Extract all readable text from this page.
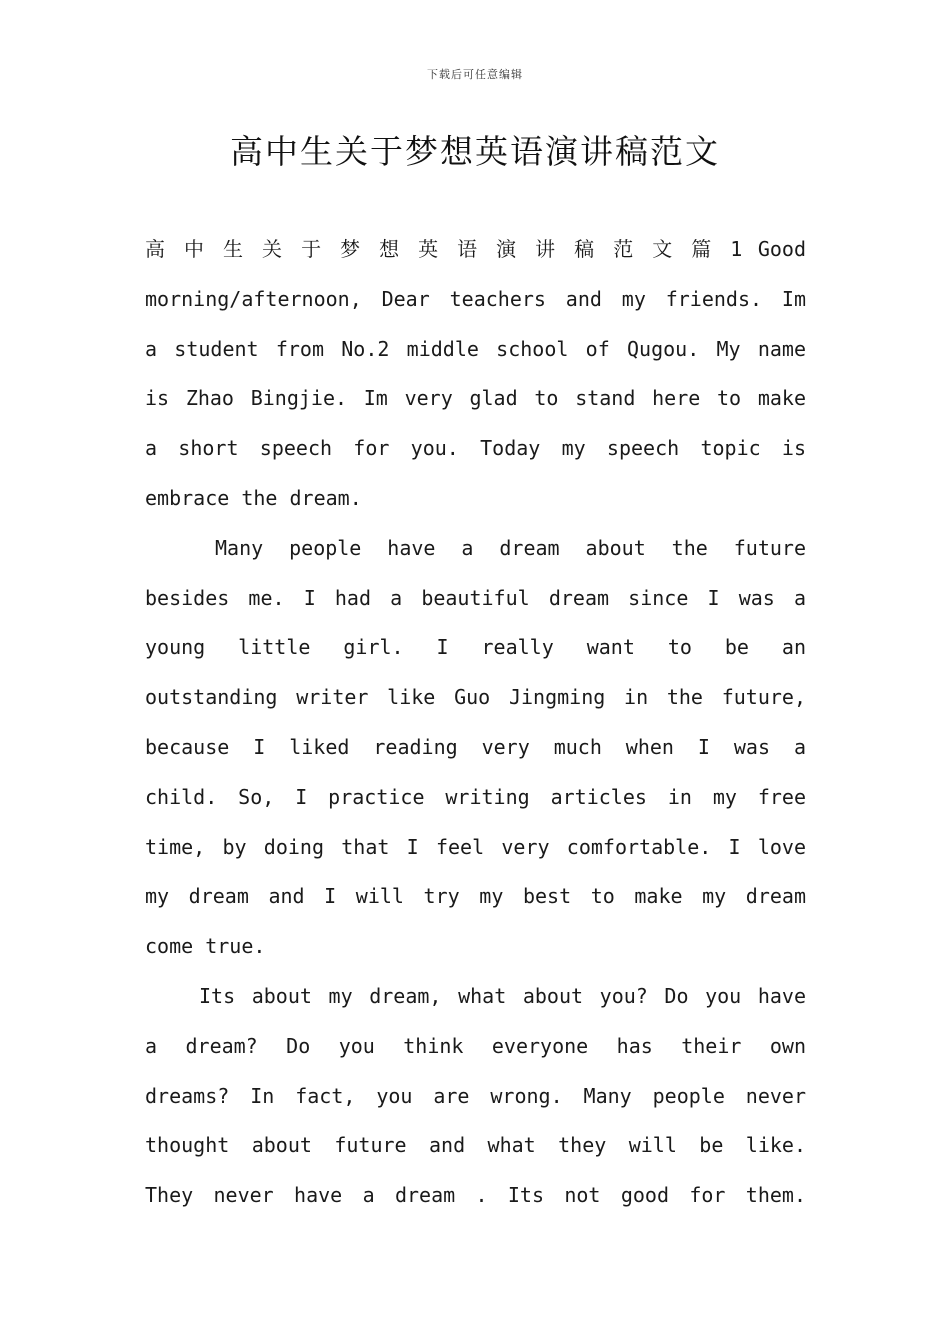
下载后可任意编辑
高中生关于梦想英语演讲稿范文
高 中 生 关 于 梦 想 英 语 演 讲 稿 范 文 篇 1 Good
morning/afternoon, Dear teachers and my friends. Im
a student from No.2 middle school of Qugou. My name
is Zhao Bingjie. Im very glad to stand here to make
a short speech for you. Today my speech topic is
embrace the dream.
Many people have a dream about the future
besides me. I had a beautiful dream since I was a
young little girl. I really want to be an
outstanding writer like Guo Jingming in the future,
because I liked reading very much when I was a
child. So, I practice writing articles in my free
time, by doing that I feel very comfortable. I love
my dream and I will try my best to make my dream
come true.
Its about my dream, what about you? Do you have
a dream? Do you think everyone has their own
dreams? In fact, you are wrong. Many people never
thought about future and what they will be like.
They never have a dream . Its not good for them.
